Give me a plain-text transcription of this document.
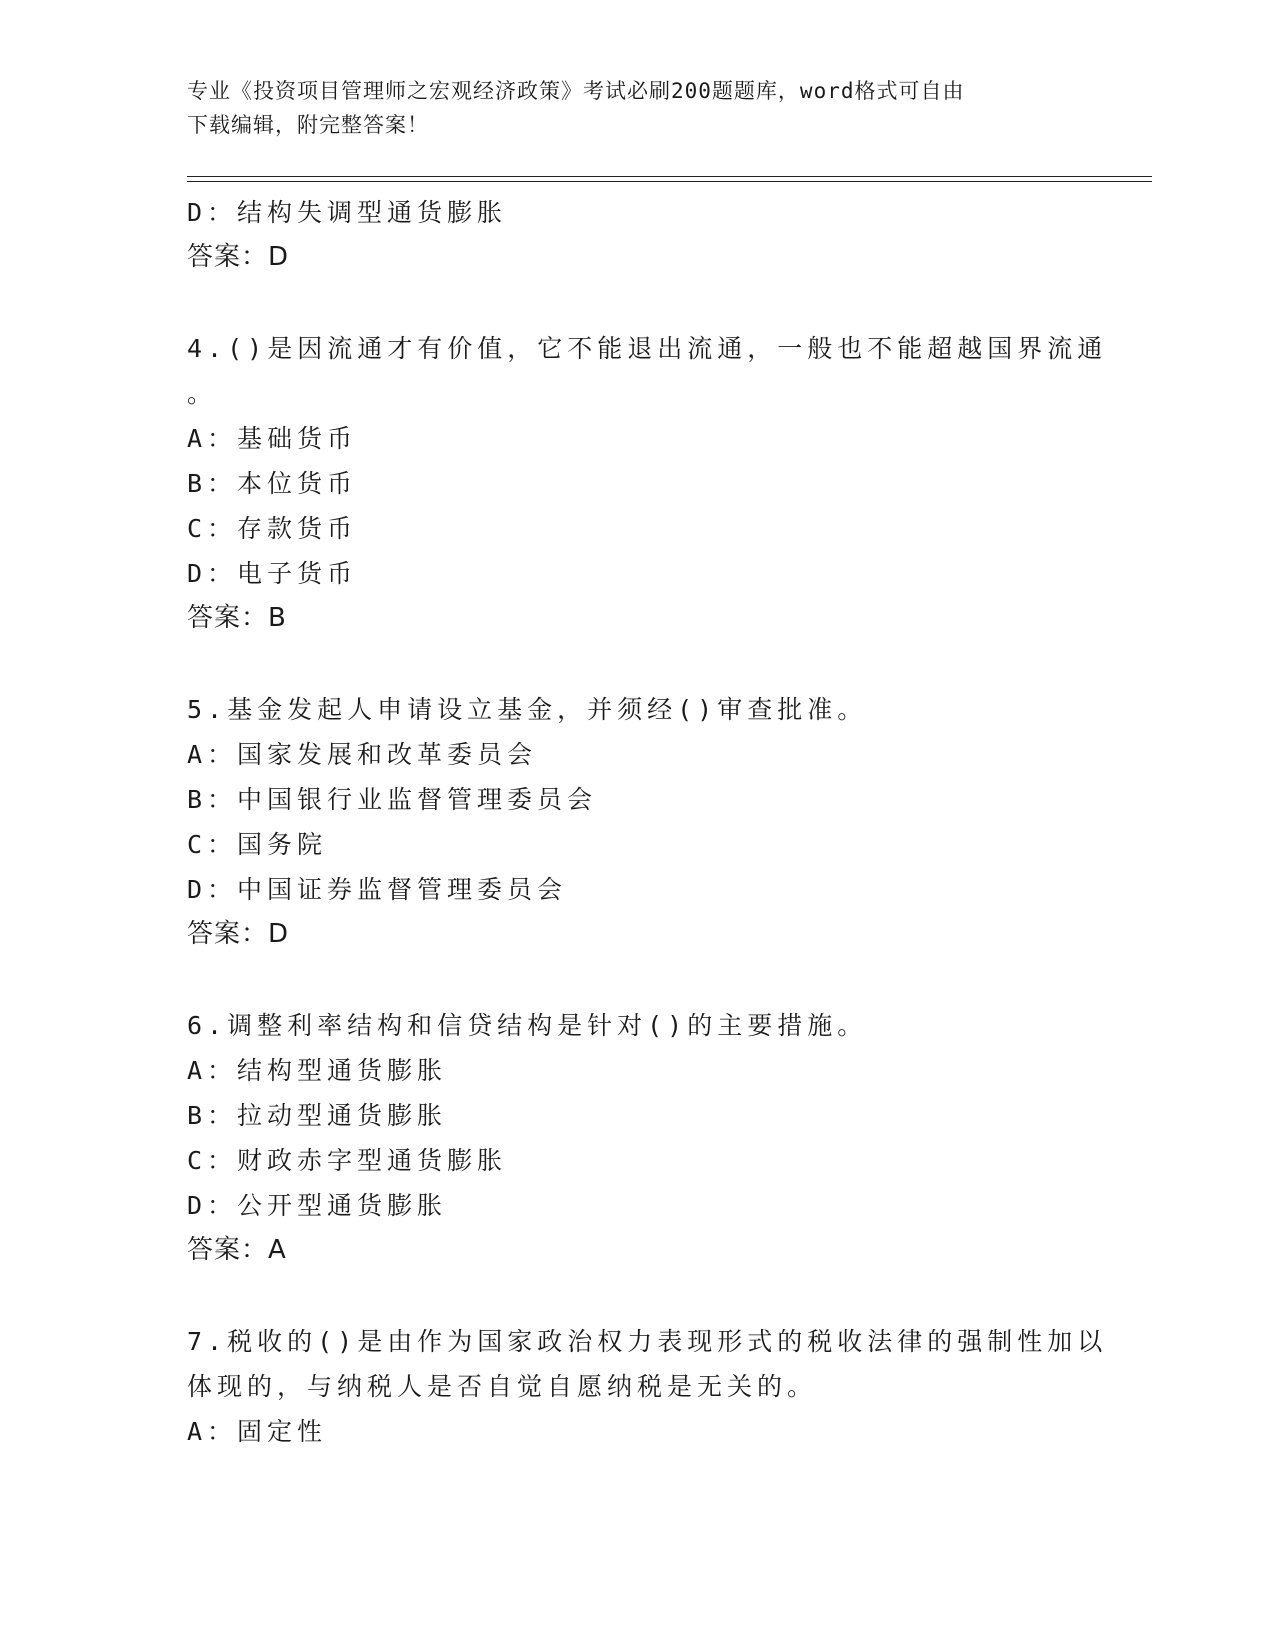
专业《投资项目管理师之宏观经济政策》考试必刷200题题库，word格式可自由
下载编辑，附完整答案！
D：结构失调型通货膨胀
答案：D
4.()是因流通才有价值，它不能退出流通，一般也不能超越国界流通
。
A：基础货币
B：本位货币
C：存款货币
D：电子货币
答案：B
5.基金发起人申请设立基金，并须经()审查批准。
A：国家发展和改革委员会
B：中国银行业监督管理委员会
C：国务院
D：中国证券监督管理委员会
答案：D
6.调整利率结构和信贷结构是针对()的主要措施。
A：结构型通货膨胀
B：拉动型通货膨胀
C：财政赤字型通货膨胀
D：公开型通货膨胀
答案：A
7.税收的()是由作为国家政治权力表现形式的税收法律的强制性加以
体现的，与纳税人是否自觉自愿纳税是无关的。
A：固定性
